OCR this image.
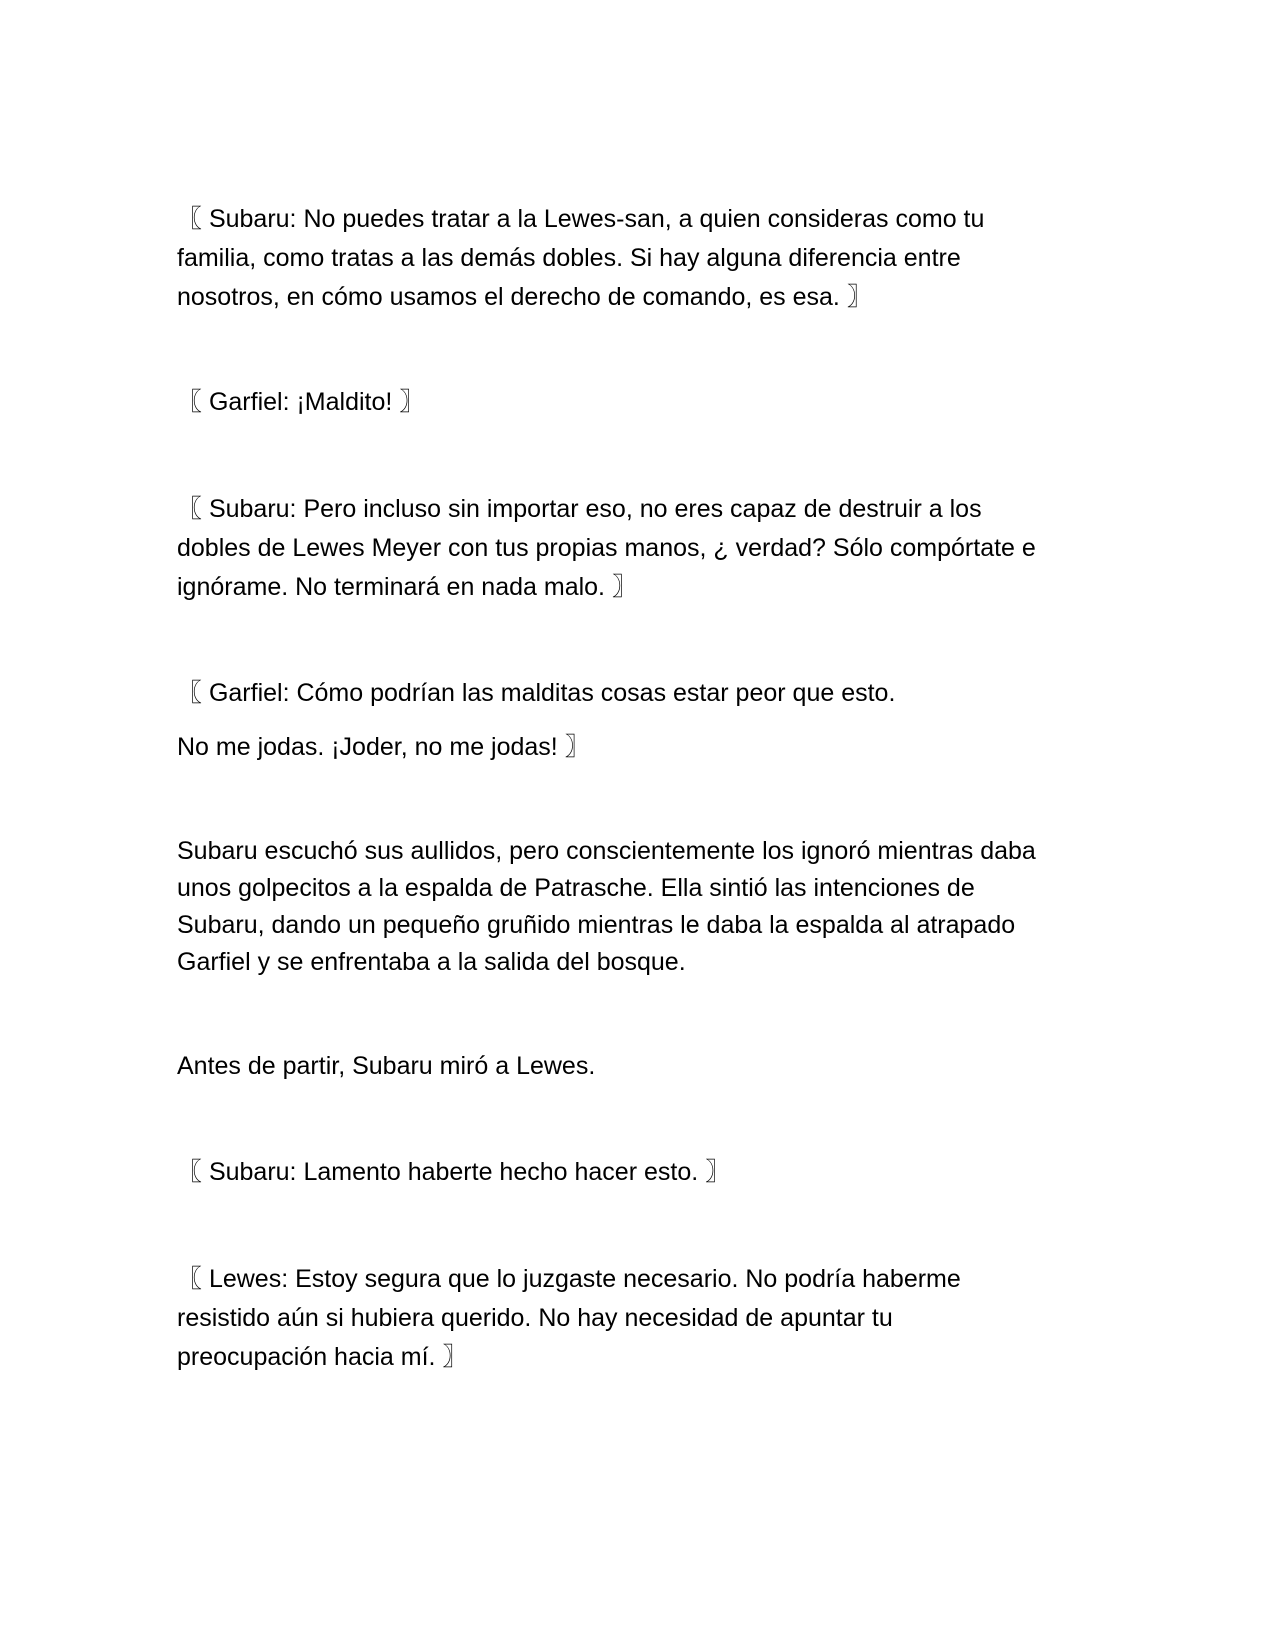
〖 Subaru: No puedes tratar a la Lewes-san, a quien consideras como tu
familia, como tratas a las demás dobles. Si hay alguna diferencia entre
nosotros, en cómo usamos el derecho de comando, es esa. 〗

〖 Garfiel: ¡Maldito! 〗

〖 Subaru: Pero incluso sin importar eso, no eres capaz de destruir a los
dobles de Lewes Meyer con tus propias manos, ¿ verdad? Sólo compórtate e
ignórame. No terminará en nada malo. 〗

〖 Garfiel: Cómo podrían las malditas cosas estar peor que esto.

No me jodas. ¡Joder, no me jodas! 〗

Subaru escuchó sus aullidos, pero conscientemente los ignoró mientras daba
unos golpecitos a la espalda de Patrasche. Ella sintió las intenciones de
Subaru, dando un pequeño gruñido mientras le daba la espalda al atrapado
Garfiel y se enfrentaba a la salida del bosque.

Antes de partir, Subaru miró a Lewes.

〖 Subaru: Lamento haberte hecho hacer esto. 〗

〖 Lewes: Estoy segura que lo juzgaste necesario. No podría haberme
resistido aún si hubiera querido. No hay necesidad de apuntar tu
preocupación hacia mí. 〗
